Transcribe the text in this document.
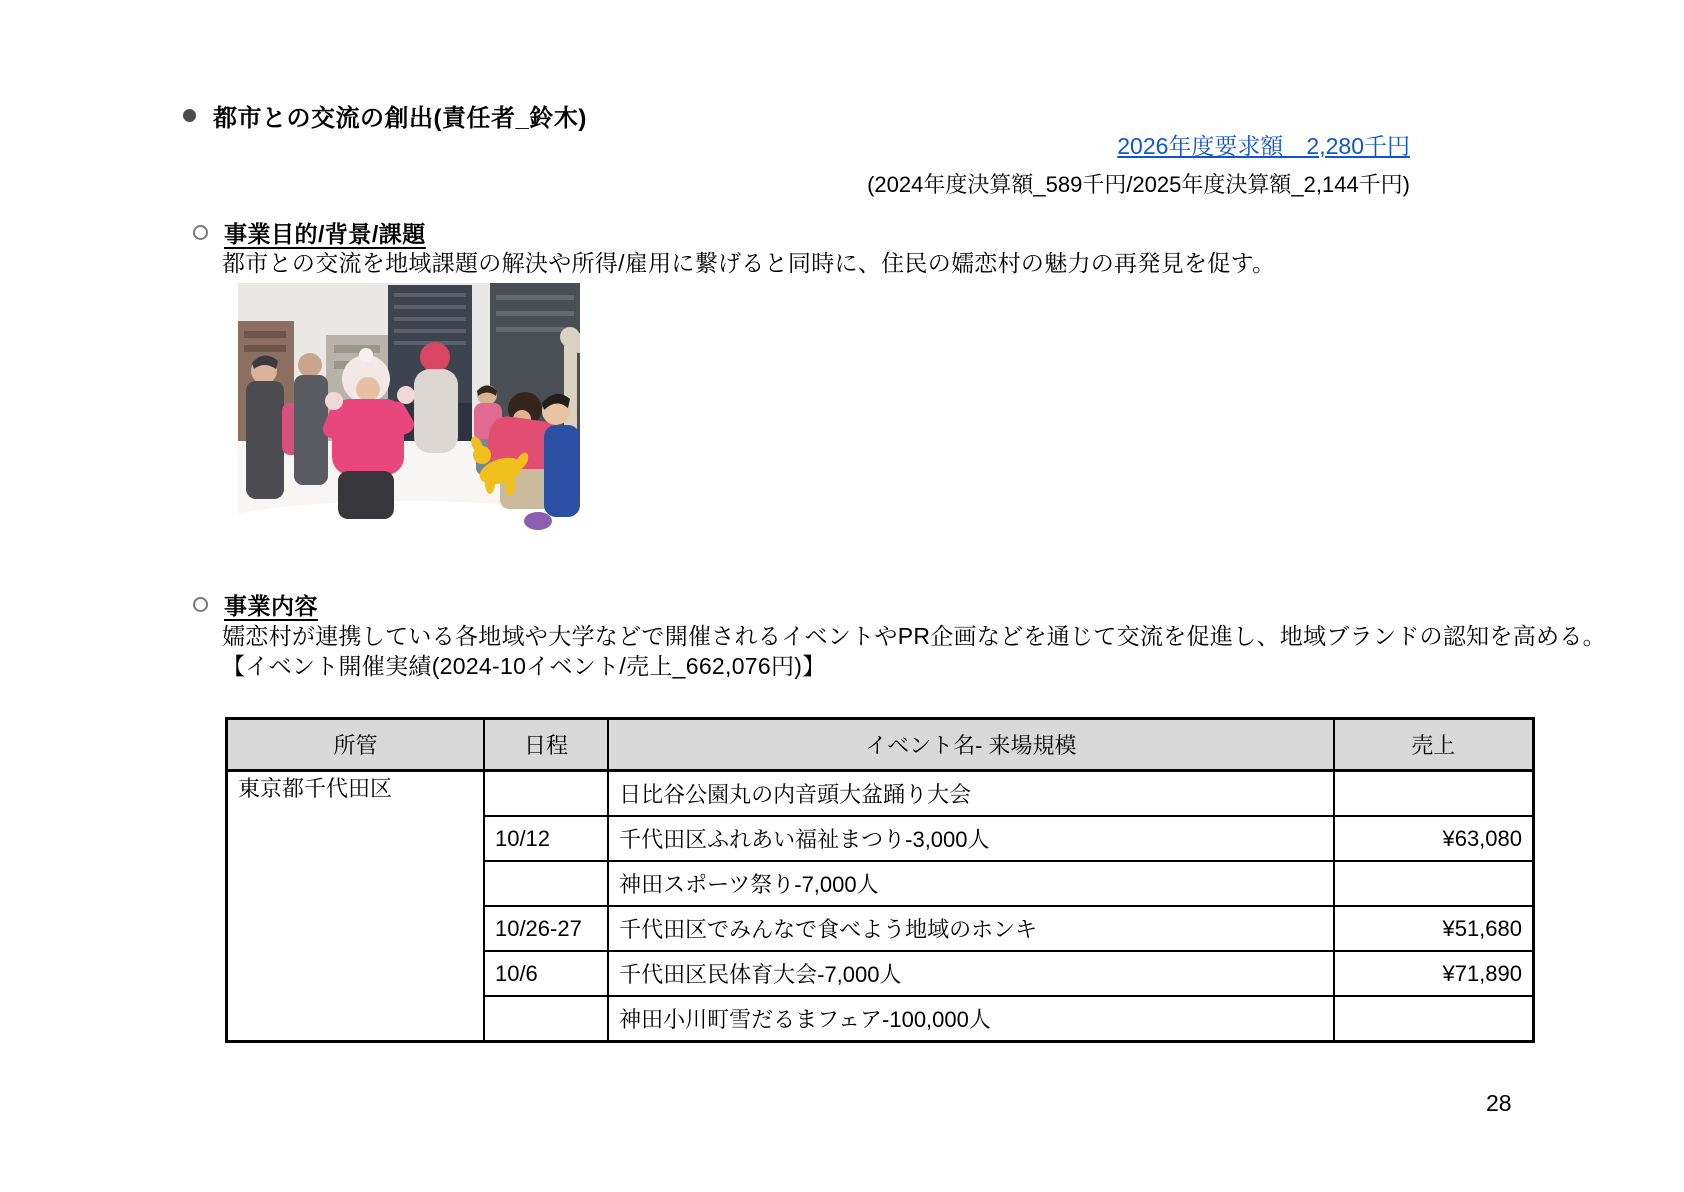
都市との交流の創出(責任者_鈴木)
2026年度要求額　2,280千円
(2024年度決算額_589千円/2025年度決算額_2,144千円)
事業目的/背景/課題
都市との交流を地域課題の解決や所得/雇用に繋げると同時に、住民の嬬恋村の魅力の再発見を促す。
事業内容
嬬恋村が連携している各地域や大学などで開催されるイベントやPR企画などを通じて交流を促進し、地域ブランドの認知を高める。
【イベント開催実績(2024-10イベント/売上_662,076円)】
所管	日程	イベント名- 来場規模	売上
東京都千代田区		日比谷公園丸の内音頭大盆踊り大会	
	10/12	千代田区ふれあい福祉まつり-3,000人	¥63,080
		神田スポーツ祭り-7,000人	
	10/26-27	千代田区でみんなで食べよう地域のホンキ	¥51,680
	10/6	千代田区民体育大会-7,000人	¥71,890
		神田小川町雪だるまフェア-100,000人	
28
